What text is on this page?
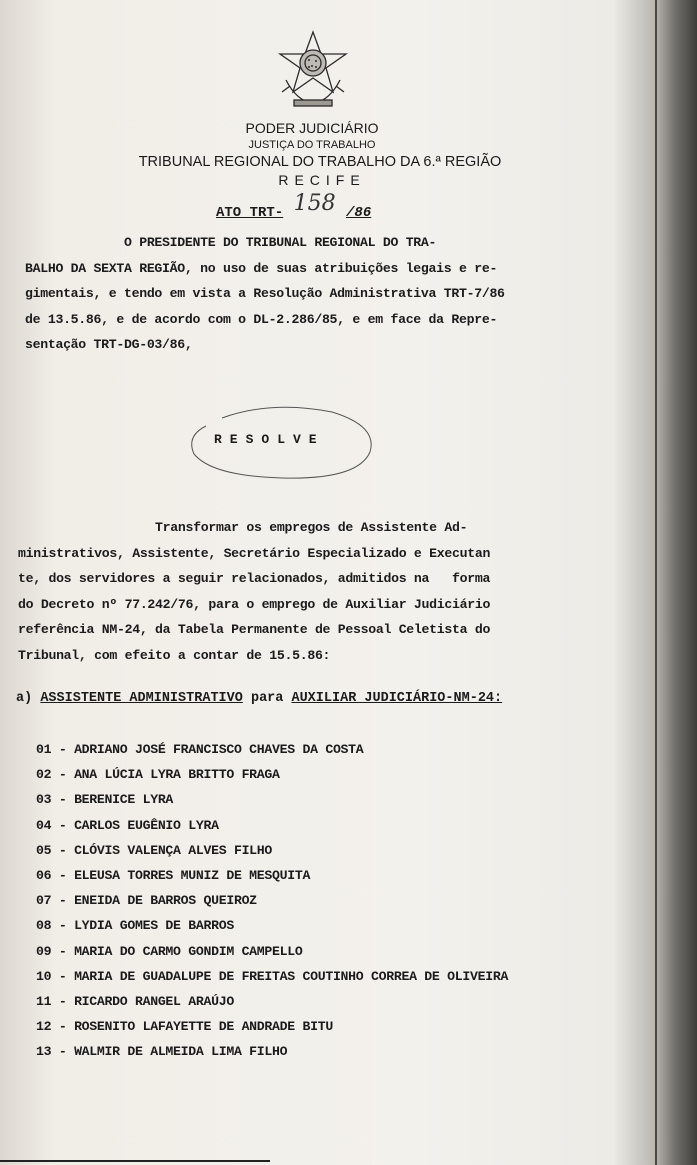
PODER JUDICIÁRIO
JUSTIÇA DO TRABALHO
TRIBUNAL REGIONAL DO TRABALHO DA 6.ª REGIÃO
RECIFE
ATO TRT- 158 /86
O PRESIDENTE DO TRIBUNAL REGIONAL DO TRA-
BALHO DA SEXTA REGIÃO, no uso de suas atribuições legais e re-
gimentais, e tendo em vista a Resolução Administrativa TRT-7/86
de 13.5.86, e de acordo com o DL-2.286/85, e em face da Repre-
sentação TRT-DG-03/86,
RESOLVE
Transformar os empregos de Assistente Ad-
ministrativos, Assistente, Secretário Especializado e Executan
te, dos servidores a seguir relacionados, admitidos na   forma
do Decreto nº 77.242/76, para o emprego de Auxiliar Judiciário
referência NM-24, da Tabela Permanente de Pessoal Celetista do
Tribunal, com efeito a contar de 15.5.86:
a) ASSISTENTE ADMINISTRATIVO para AUXILIAR JUDICIÁRIO-NM-24:
01 - ADRIANO JOSÉ FRANCISCO CHAVES DA COSTA
02 - ANA LÚCIA LYRA BRITTO FRAGA
03 - BERENICE LYRA
04 - CARLOS EUGÊNIO LYRA
05 - CLÓVIS VALENÇA ALVES FILHO
06 - ELEUSA TORRES MUNIZ DE MESQUITA
07 - ENEIDA DE BARROS QUEIROZ
08 - LYDIA GOMES DE BARROS
09 - MARIA DO CARMO GONDIM CAMPELLO
10 - MARIA DE GUADALUPE DE FREITAS COUTINHO CORREA DE OLIVEIRA
11 - RICARDO RANGEL ARAÚJO
12 - ROSENITO LAFAYETTE DE ANDRADE BITU
13 - WALMIR DE ALMEIDA LIMA FILHO
